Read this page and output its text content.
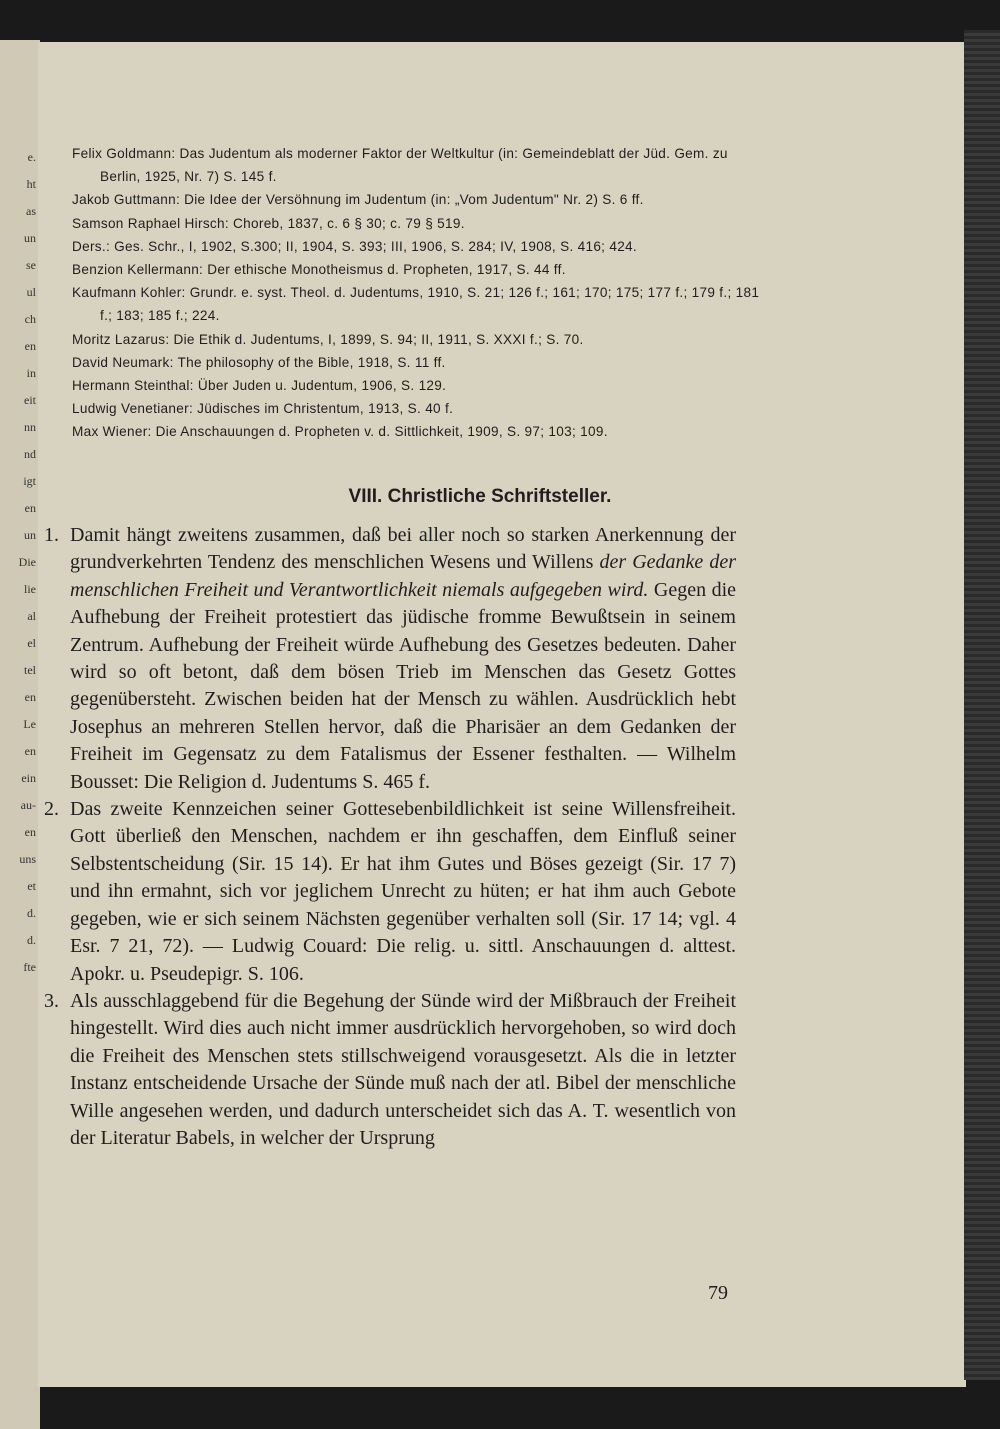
e.
ht
as
un
se
ul
ch
en
in
eit
nn
nd
igt
en
un
Die
lie
al
el
tel
en
Le
en
ein
au-
en
uns
et
d.
d.
fte
Felix Goldmann: Das Judentum als moderner Faktor der Weltkultur (in: Gemeindeblatt der Jüd. Gem. zu Berlin, 1925, Nr. 7) S. 145 f.
Jakob Guttmann: Die Idee der Versöhnung im Judentum (in: „Vom Judentum" Nr. 2) S. 6 ff.
Samson Raphael Hirsch: Choreb, 1837, c. 6 § 30; c. 79 § 519.
Ders.: Ges. Schr., I, 1902, S.300; II, 1904, S. 393; III, 1906, S. 284; IV, 1908, S. 416; 424.
Benzion Kellermann: Der ethische Monotheismus d. Propheten, 1917, S. 44 ff.
Kaufmann Kohler: Grundr. e. syst. Theol. d. Judentums, 1910, S. 21; 126 f.; 161; 170; 175; 177 f.; 179 f.; 181 f.; 183; 185 f.; 224.
Moritz Lazarus: Die Ethik d. Judentums, I, 1899, S. 94; II, 1911, S. XXXI f.; S. 70.
David Neumark: The philosophy of the Bible, 1918, S. 11 ff.
Hermann Steinthal: Über Juden u. Judentum, 1906, S. 129.
Ludwig Venetianer: Jüdisches im Christentum, 1913, S. 40 f.
Max Wiener: Die Anschauungen d. Propheten v. d. Sittlichkeit, 1909, S. 97; 103; 109.
VIII. Christliche Schriftsteller.
1. Damit hängt zweitens zusammen, daß bei aller noch so starken Anerkennung der grundverkehrten Tendenz des menschlichen Wesens und Willens der Gedanke der menschlichen Freiheit und Verantwortlichkeit niemals aufgegeben wird. Gegen die Aufhebung der Freiheit protestiert das jüdische fromme Bewußtsein in seinem Zentrum. Aufhebung der Freiheit würde Aufhebung des Gesetzes bedeuten. Daher wird so oft betont, daß dem bösen Trieb im Menschen das Gesetz Gottes gegenübersteht. Zwischen beiden hat der Mensch zu wählen. Ausdrücklich hebt Josephus an mehreren Stellen hervor, daß die Pharisäer an dem Gedanken der Freiheit im Gegensatz zu dem Fatalismus der Essener festhalten. — Wilhelm Bousset: Die Religion d. Judentums S. 465 f.
2. Das zweite Kennzeichen seiner Gottesebenbildlichkeit ist seine Willensfreiheit. Gott überließ den Menschen, nachdem er ihn geschaffen, dem Einfluß seiner Selbstentscheidung (Sir. 15 14). Er hat ihm Gutes und Böses gezeigt (Sir. 17 7) und ihn ermahnt, sich vor jeglichem Unrecht zu hüten; er hat ihm auch Gebote gegeben, wie er sich seinem Nächsten gegenüber verhalten soll (Sir. 17 14; vgl. 4 Esr. 7 21, 72). — Ludwig Couard: Die relig. u. sittl. Anschauungen d. alttest. Apokr. u. Pseudepigr. S. 106.
3. Als ausschlaggebend für die Begehung der Sünde wird der Mißbrauch der Freiheit hingestellt. Wird dies auch nicht immer ausdrücklich hervorgehoben, so wird doch die Freiheit des Menschen stets stillschweigend vorausgesetzt. Als die in letzter Instanz entscheidende Ursache der Sünde muß nach der atl. Bibel der menschliche Wille angesehen werden, und dadurch unterscheidet sich das A. T. wesentlich von der Literatur Babels, in welcher der Ursprung
79
